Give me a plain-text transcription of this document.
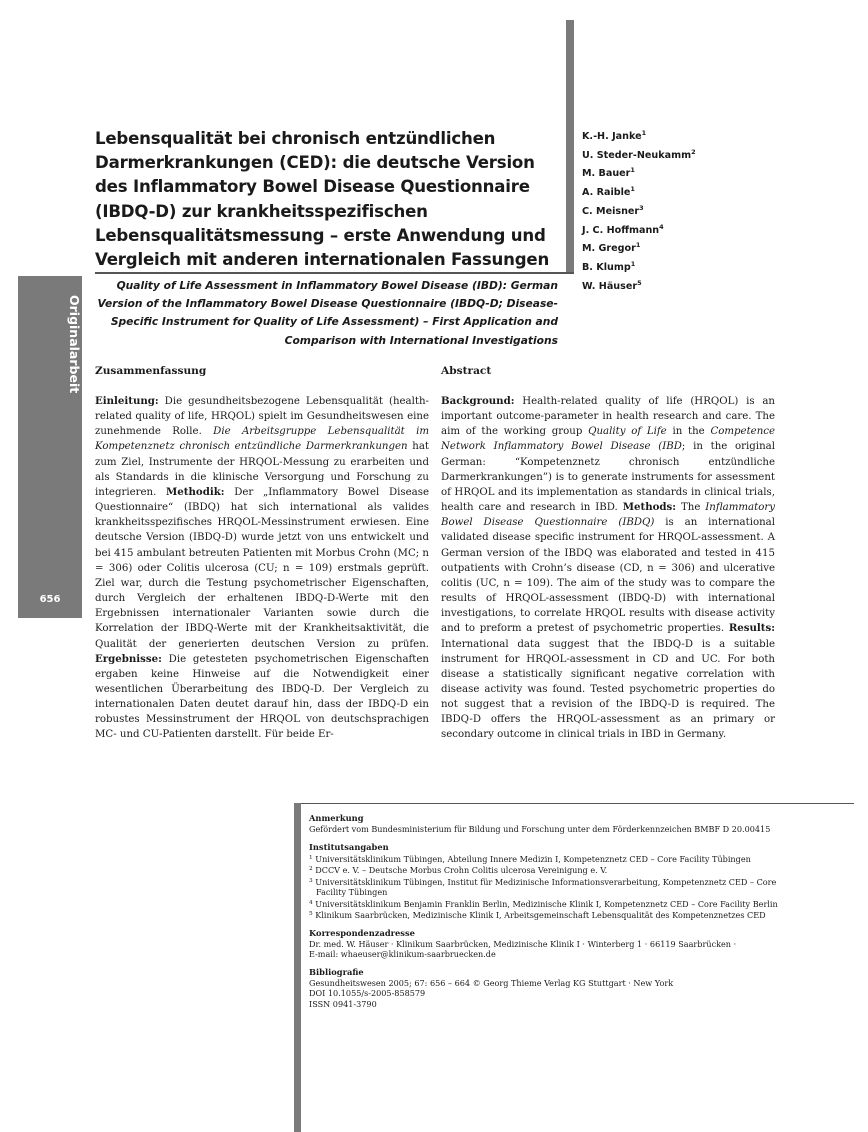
Originalarbeit
656
Lebensqualität bei chronisch entzündlichen Darmerkrankungen (CED): die deutsche Version des Inflammatory Bowel Disease Questionnaire (IBDQ-D) zur krankheitsspezifischen Lebensqualitätsmessung – erste Anwendung und Vergleich mit anderen internationalen Fassungen
K.-H. Janke$^1$
U. Steder-Neukamm$^2$
M. Bauer$^1$
A. Raible$^1$
C. Meisner$^3$
J. C. Hoffmann$^4$
M. Gregor$^1$
B. Klump$^1$
W. Häuser$^5$

Quality of Life Assessment in Inflammatory Bowel Disease (IBD): German Version of the Inflammatory Bowel Disease Questionnaire (IBDQ-D; Disease-Specific Instrument for Quality of Life Assessment) – First Application and Comparison with International Investigations

Zusammenfassung

Einleitung: Die gesundheitsbezogene Lebensqualität (health-related quality of life, HRQOL) spielt im Gesundheitswesen eine zunehmende Rolle. Die Arbeitsgruppe Lebensqualität im Kompetenznetz chronisch entzündliche Darmerkrankungen hat zum Ziel, Instrumente der HRQOL-Messung zu erarbeiten und als Standards in die klinische Versorgung und Forschung zu integrieren. Methodik: Der „Inflammatory Bowel Disease Questionnaire“ (IBDQ) hat sich international als valides krankheitsspezifisches HRQOL-Messinstrument erwiesen. Eine deutsche Version (IBDQ-D) wurde jetzt von uns entwickelt und bei 415 ambulant betreuten Patienten mit Morbus Crohn (MC; n = 306) oder Colitis ulcerosa (CU; n = 109) erstmals geprüft. Ziel war, durch die Testung psychometrischer Eigenschaften, durch Vergleich der erhaltenen IBDQ-D-Werte mit den Ergebnissen internationaler Varianten sowie durch die Korrelation der IBDQ-Werte mit der Krankheitsaktivität, die Qualität der generierten deutschen Version zu prüfen. Ergebnisse: Die getesteten psychometrischen Eigenschaften ergaben keine Hinweise auf die Notwendigkeit einer wesentlichen Überarbeitung des IBDQ-D. Der Vergleich zu internationalen Daten deutet darauf hin, dass der IBDQ-D ein robustes Messinstrument der HRQOL von deutschsprachigen MC- und CU-Patienten darstellt. Für beide Er-

Abstract

Background: Health-related quality of life (HRQOL) is an important outcome-parameter in health research and care. The aim of the working group Quality of Life in the Competence Network Inflammatory Bowel Disease (IBD; in the original German: “Kompetenznetz chronisch entzündliche Darmerkrankungen”) is to generate instruments for assessment of HRQOL and its implementation as standards in clinical trials, health care and research in IBD. Methods: The Inflammatory Bowel Disease Questionnaire (IBDQ) is an international validated disease specific instrument for HRQOL-assessment. A German version of the IBDQ was elaborated and tested in 415 outpatients with Crohn’s disease (CD, n = 306) and ulcerative colitis (UC, n = 109). The aim of the study was to compare the results of HRQOL-assessment (IBDQ-D) with international investigations, to correlate HRQOL results with disease activity and to preform a pretest of psychometric properties. Results: International data suggest that the IBDQ-D is a suitable instrument for HRQOL-assessment in CD and UC. For both disease a statistically significant negative correlation with disease activity was found. Tested psychometric properties do not suggest that a revision of the IBDQ-D is required. The IBDQ-D offers the HRQOL-assessment as an primary or secondary outcome in clinical trials in IBD in Germany.

Anmerkung
Gefördert vom Bundesministerium für Bildung und Forschung unter dem Förderkennzeichen BMBF D 20.00415
Institutsangaben
$^1$ Universitätsklinikum Tübingen, Abteilung Innere Medizin I, Kompetenznetz CED – Core Facility Tübingen
$^2$ DCCV e. V. – Deutsche Morbus Crohn Colitis ulcerosa Vereinigung e. V.
$^3$ Universitätsklinikum Tübingen, Institut für Medizinische Informationsverarbeitung, Kompetenznetz CED – Core Facility Tübingen
$^4$ Universitätsklinikum Benjamin Franklin Berlin, Medizinische Klinik I, Kompetenznetz CED – Core Facility Berlin
$^5$ Klinikum Saarbrücken, Medizinische Klinik I, Arbeitsgemeinschaft Lebensqualität des Kompetenznetzes CED
Korrespondenzadresse
Dr. med. W. Häuser · Klinikum Saarbrücken, Medizinische Klinik I · Winterberg 1 · 66119 Saarbrücken ·
E-mail: whaeuser@klinikum-saarbruecken.de
Bibliografie
Gesundheitswesen 2005; 67: 656 – 664 © Georg Thieme Verlag KG Stuttgart · New York
DOI 10.1055/s-2005-858579
ISSN 0941-3790
